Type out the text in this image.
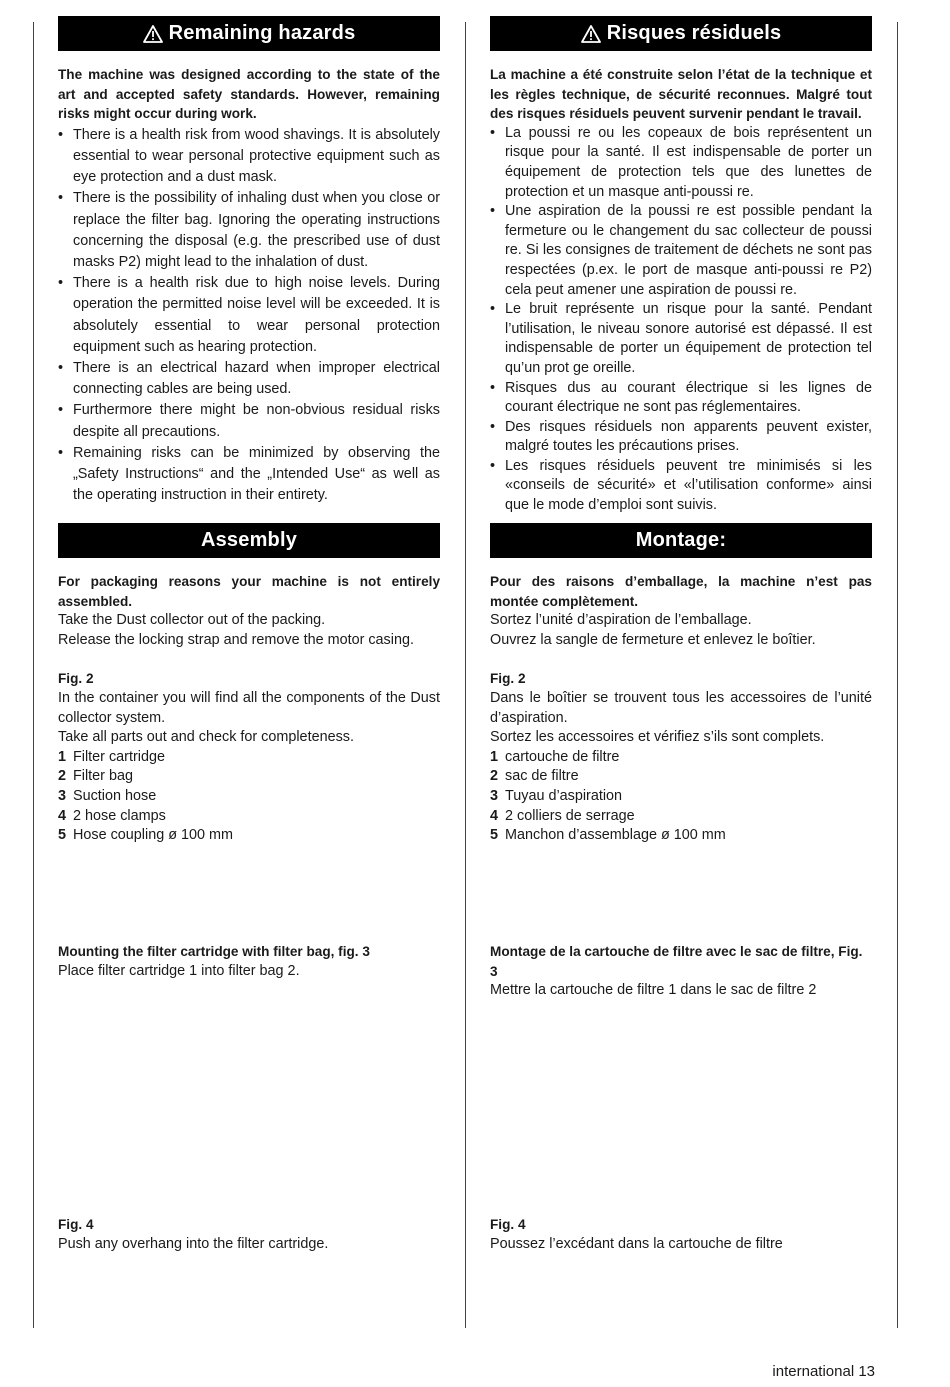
Remaining hazards

The machine was designed according to the state of the art and accepted safety standards. However, remaining risks might occur during work.

• There is a health risk from wood shavings. It is absolutely essential to wear personal protective equipment such as eye protection and a dust mask.
• There is the possibility of inhaling dust when you close or replace the filter bag. Ignoring the operating instructions concerning the disposal (e.g. the prescribed use of dust masks P2) might lead to the inhalation of dust.
• There is a health risk due to high noise levels. During operation the permitted noise level will be exceeded. It is absolutely essential to wear personal protection equipment such as hearing protection.
• There is an electrical hazard when improper electrical connecting cables are being used.
• Furthermore there might be non-obvious residual risks despite all precautions.
• Remaining risks can be minimized by observing the „Safety Instructions“ and the „Intended Use“ as well as the operating instruction in their entirety.
Assembly

For packaging reasons your machine is not entirely assembled.

Take the Dust collector out of the packing.

Release the locking strap and remove the motor casing.

Fig. 2

In the container you will find all the components of the Dust collector system.

Take all parts out and check for completeness.

1 Filter cartridge
2 Filter bag
3 Suction hose
4 2 hose clamps
5 Hose coupling ø 100 mm

Mounting the filter cartridge with filter bag, fig. 3

Place filter cartridge 1 into filter bag 2.

Fig. 4

Push any overhang into the filter cartridge.

Risques résiduels

La machine a été construite selon l’état de la technique et les règles technique, de sécurité reconnues. Malgré tout des risques résiduels peuvent survenir pendant le travail.

• La poussi re ou les copeaux de bois représentent un risque pour la santé. Il est indispensable de porter un équipement de protection tels que des lunettes de protection et un masque anti-poussi re.
• Une aspiration de la poussi re est possible pendant la fermeture ou le changement du sac collecteur de poussi re. Si les consignes de traitement de déchets ne sont pas respectées (p.ex. le port de masque anti-poussi re P2) cela peut amener une aspiration de poussi re.
• Le bruit représente un risque pour la santé. Pendant l’utilisation, le niveau sonore autorisé est dépassé. Il est indispensable de porter un équipement de protection tel qu’un prot ge oreille.
• Risques dus au courant électrique si les lignes de courant électrique ne sont pas réglementaires.
• Des risques résiduels non apparents peuvent exister, malgré toutes les précautions prises.
• Les risques résiduels peuvent tre minimisés si les «conseils de sécurité» et «l’utilisation conforme» ainsi que le mode d’emploi sont suivis.
Montage:

Pour des raisons d’emballage, la machine n’est pas montée complètement.

Sortez l’unité d’aspiration de l’emballage.

Ouvrez la sangle de fermeture et enlevez le boîtier.

Fig. 2

Dans le boîtier se trouvent tous les accessoires de l’unité d’aspiration.

Sortez les accessoires et vérifiez s’ils sont complets.

1 cartouche de filtre
2 sac de filtre
3 Tuyau d’aspiration
4 2 colliers de serrage
5 Manchon d’assemblage ø 100 mm

Montage de la cartouche de filtre avec le sac de filtre, Fig. 3

Mettre la cartouche de filtre 1 dans le sac de filtre 2

Fig. 4

Poussez l’excédant dans la cartouche de filtre

international 13
